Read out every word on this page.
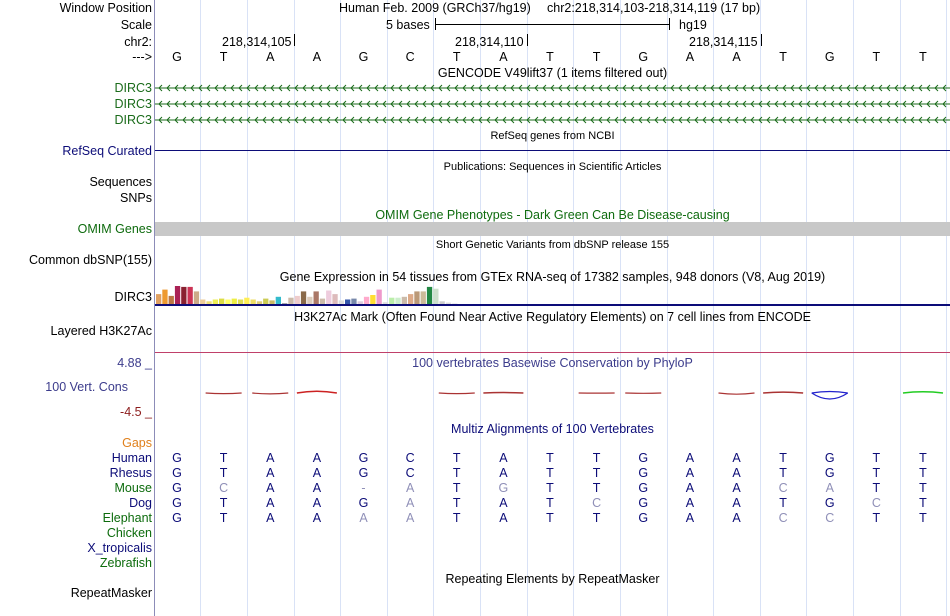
Window Position	Human Feb. 2009 (GRCh37/hg19) chr2:218,314,103-218,314,119 (17 bp)
Scale	5 bases	hg19
chr2:	218,314,105	218,314,110	218,314,115
---> G	T	A	A	G	C	T	A	T	T	G	A	A	T	G	T	T
GENCODE V49lift37 (1 items filtered out)
DIRC3
DIRC3
DIRC3
RefSeq genes from NCBI
RefSeq Curated
Publications: Sequences in Scientific Articles
Sequences
SNPs
OMIM Gene Phenotypes - Dark Green Can Be Disease-causing
OMIM Genes
Short Genetic Variants from dbSNP release 155
Common dbSNP(155)
Gene Expression in 54 tissues from GTEx RNA-seq of 17382 samples, 948 donors (V8, Aug 2019)
DIRC3
H3K27Ac Mark (Often Found Near Active Regulatory Elements) on 7 cell lines from ENCODE
Layered H3K27Ac
100 vertebrates Basewise Conservation by PhyloP
4.88 _
100 Vert. Cons
-4.5 _
Multiz Alignments of 100 Vertebrates
Gaps
Human G	T	A	A	G	C	T	A	T	T	G	A	A	T	G	T	T
Rhesus G	T	A	A	G	C	T	A	T	T	G	A	A	T	G	T	T
Mouse G	C	A	A	-	A	T	G	T	T	G	A	A	C	A	T	T
Dog G	T	A	A	G	A	T	A	T	C	G	A	A	T	G	C	T
Elephant G	T	A	A	A	A	T	A	T	T	G	A	A	C	C	T	T
Chicken
X_tropicalis
Zebrafish
Repeating Elements by RepeatMasker
RepeatMasker
